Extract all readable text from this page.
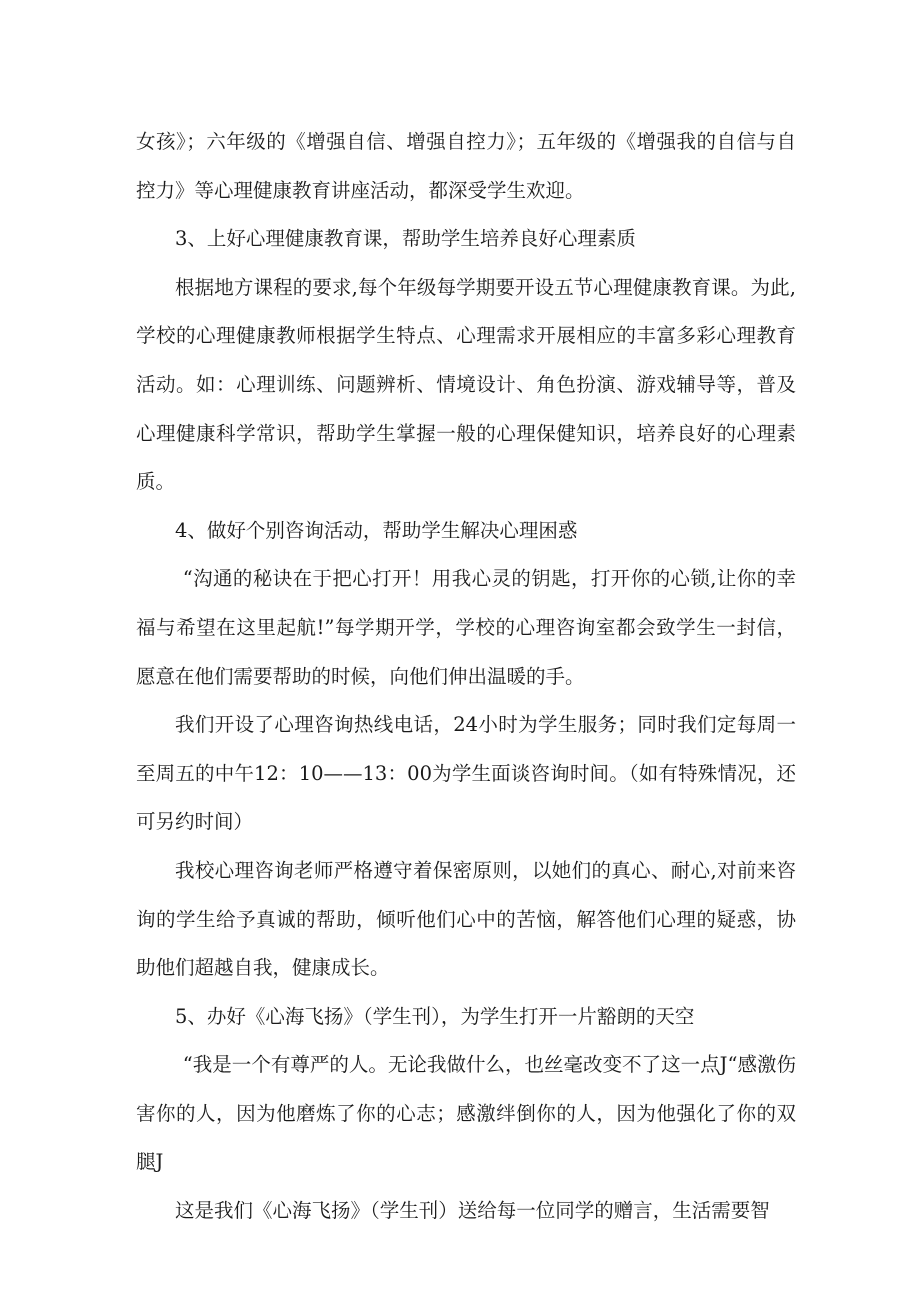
女孩》；六年级的《增强自信、增强自控力》；五年级的《增强我的自信与自控力》等心理健康教育讲座活动，都深受学生欢迎。

3、上好心理健康教育课，帮助学生培养良好心理素质

根据地方课程的要求,每个年级每学期要开设五节心理健康教育课。为此,学校的心理健康教师根据学生特点、心理需求开展相应的丰富多彩心理教育活动。如：心理训练、问题辨析、情境设计、角色扮演、游戏辅导等，普及心理健康科学常识，帮助学生掌握一般的心理保健知识，培养良好的心理素质。

4、做好个别咨询活动，帮助学生解决心理困惑

“沟通的秘诀在于把心打开！用我心灵的钥匙，打开你的心锁,让你的幸福与希望在这里起航!”每学期开学，学校的心理咨询室都会致学生一封信，愿意在他们需要帮助的时候，向他们伸出温暖的手。

我们开设了心理咨询热线电话，24小时为学生服务；同时我们定每周一至周五的中午12：10——13：00为学生面谈咨询时间。（如有特殊情况，还可另约时间）

我校心理咨询老师严格遵守着保密原则，以她们的真心、耐心,对前来咨询的学生给予真诚的帮助，倾听他们心中的苦恼，解答他们心理的疑惑，协助他们超越自我，健康成长。

5、办好《心海飞扬》（学生刊），为学生打开一片豁朗的天空

“我是一个有尊严的人。无论我做什么，也丝毫改变不了这一点J“感激伤害你的人，因为他磨炼了你的心志；感激绊倒你的人，因为他强化了你的双腿J

这是我们《心海飞扬》（学生刊）送给每一位同学的赠言，生活需要智
